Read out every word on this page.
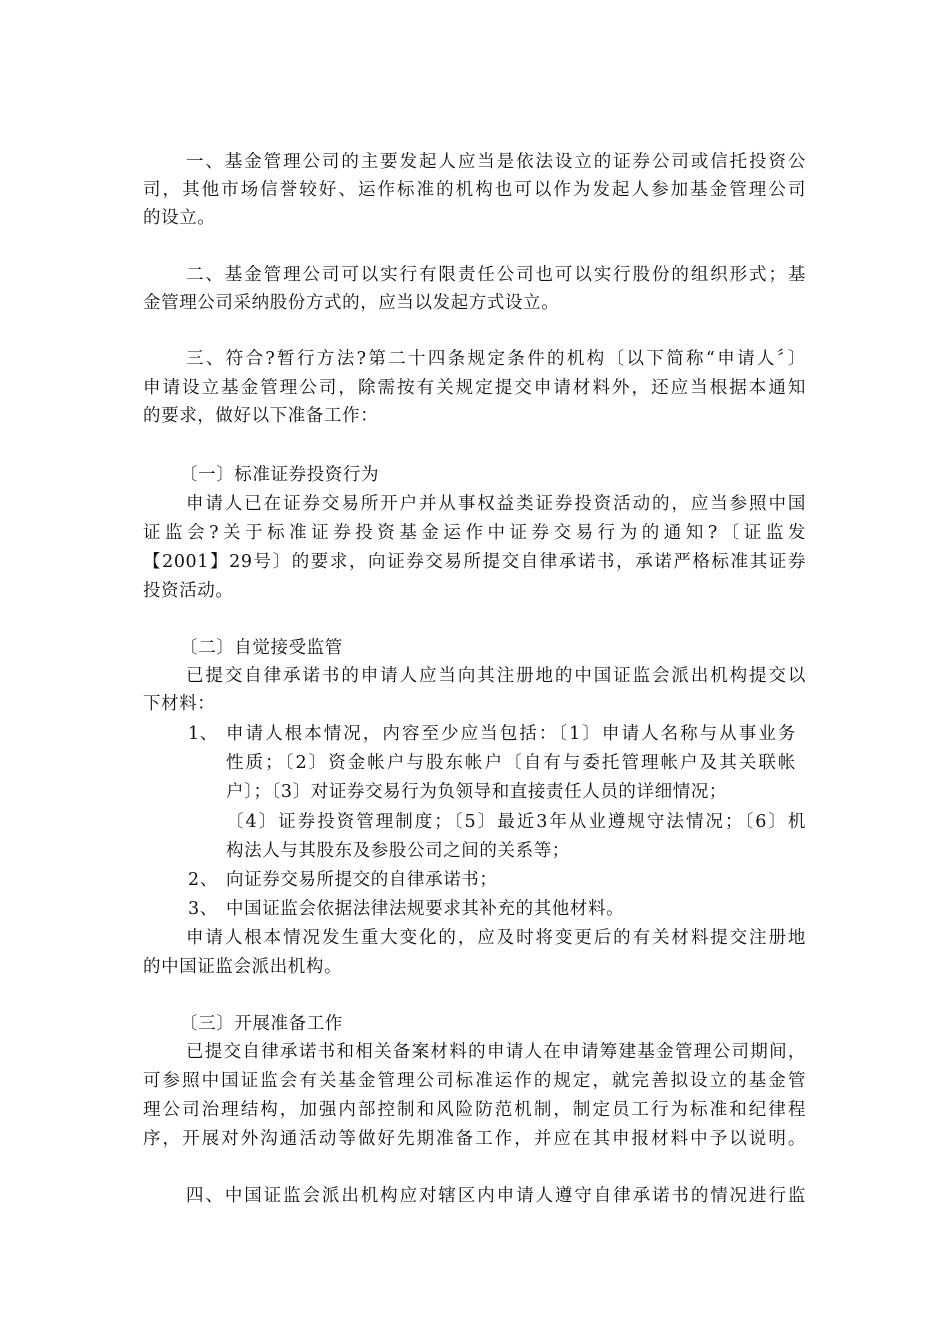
一、基金管理公司的主要发起人应当是依法设立的证券公司或信托投资公
司，其他市场信誉较好、运作标准的机构也可以作为发起人参加基金管理公司
的设立。
二、基金管理公司可以实行有限责任公司也可以实行股份的组织形式；基
金管理公司采纳股份方式的，应当以发起方式设立。
三、符合?暂行方法?第二十四条规定条件的机构〔以下简称“申请人〞〕
申请设立基金管理公司，除需按有关规定提交申请材料外，还应当根据本通知
的要求，做好以下准备工作：
〔一〕标准证券投资行为
申请人已在证券交易所开户并从事权益类证券投资活动的，应当参照中国
证监会?关于标准证券投资基金运作中证券交易行为的通知?〔证监发
【2001】29号〕的要求，向证券交易所提交自律承诺书，承诺严格标准其证券
投资活动。
〔二〕自觉接受监管
已提交自律承诺书的申请人应当向其注册地的中国证监会派出机构提交以
下材料：
1、 申请人根本情况，内容至少应当包括：〔1〕申请人名称与从事业务
性质；〔2〕资金帐户与股东帐户〔自有与委托管理帐户及其关联帐
户〕；〔3〕对证券交易行为负领导和直接责任人员的详细情况；
〔4〕证券投资管理制度；〔5〕最近3年从业遵规守法情况；〔6〕机
构法人与其股东及参股公司之间的关系等；
2、 向证券交易所提交的自律承诺书；
3、 中国证监会依据法律法规要求其补充的其他材料。
申请人根本情况发生重大变化的，应及时将变更后的有关材料提交注册地
的中国证监会派出机构。
〔三〕开展准备工作
已提交自律承诺书和相关备案材料的申请人在申请筹建基金管理公司期间，
可参照中国证监会有关基金管理公司标准运作的规定，就完善拟设立的基金管
理公司治理结构，加强内部控制和风险防范机制，制定员工行为标准和纪律程
序，开展对外沟通活动等做好先期准备工作，并应在其申报材料中予以说明。
四、中国证监会派出机构应对辖区内申请人遵守自律承诺书的情况进行监
